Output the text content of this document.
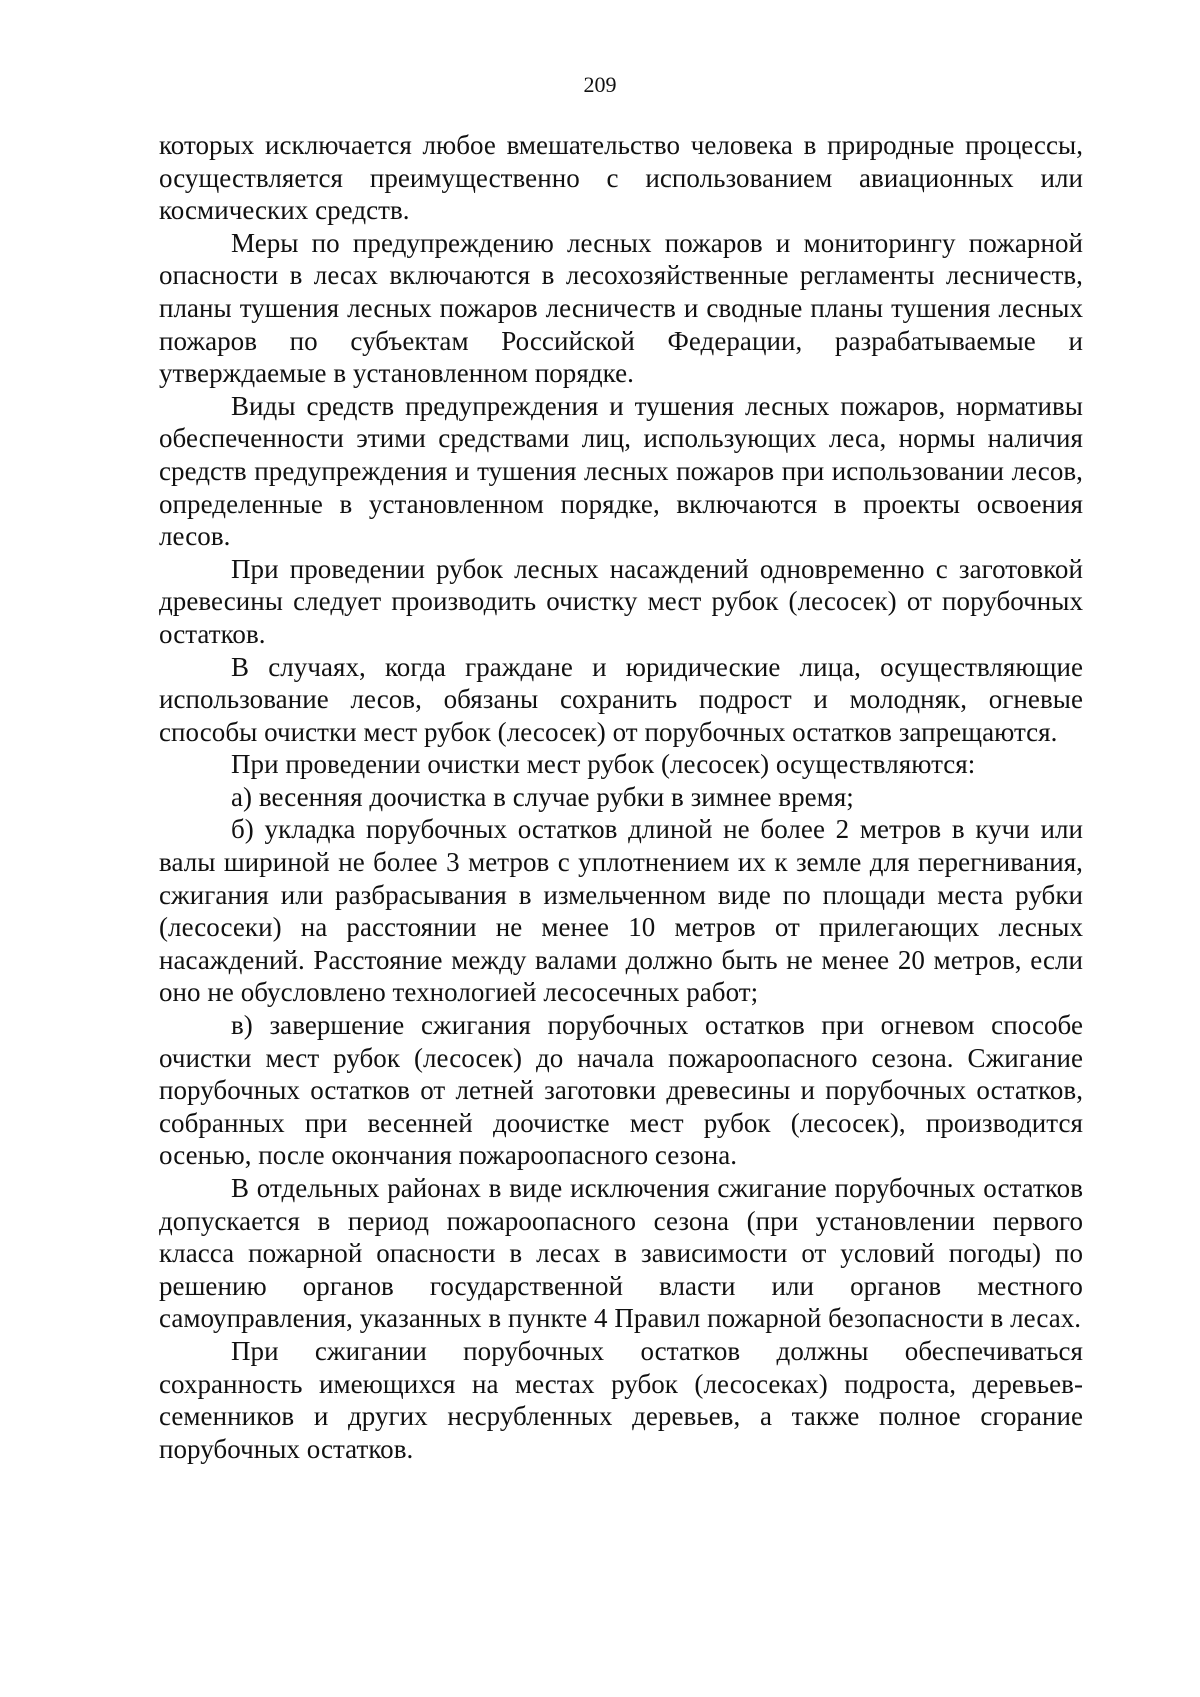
209

которых исключается любое вмешательство человека в природные процессы, осуществляется преимущественно с использованием авиационных или космических средств.

Меры по предупреждению лесных пожаров и мониторингу пожарной опасности в лесах включаются в лесохозяйственные регламенты лесничеств, планы тушения лесных пожаров лесничеств и сводные планы тушения лесных пожаров по субъектам Российской Федерации, разрабатываемые и утверждаемые в установленном порядке.

Виды средств предупреждения и тушения лесных пожаров, нормативы обеспеченности этими средствами лиц, использующих леса, нормы наличия средств предупреждения и тушения лесных пожаров при использовании лесов, определенные в установленном порядке, включаются в проекты освоения лесов.

При проведении рубок лесных насаждений одновременно с заготовкой древесины следует производить очистку мест рубок (лесосек) от порубочных остатков.

В случаях, когда граждане и юридические лица, осуществляющие использование лесов, обязаны сохранить подрост и молодняк, огневые способы очистки мест рубок (лесосек) от порубочных остатков запрещаются.

При проведении очистки мест рубок (лесосек) осуществляются:

а) весенняя доочистка в случае рубки в зимнее время;

б) укладка порубочных остатков длиной не более 2 метров в кучи или валы шириной не более 3 метров с уплотнением их к земле для перегнивания, сжигания или разбрасывания в измельченном виде по площади места рубки (лесосеки) на расстоянии не менее 10 метров от прилегающих лесных насаждений. Расстояние между валами должно быть не менее 20 метров, если оно не обусловлено технологией лесосечных работ;

в) завершение сжигания порубочных остатков при огневом способе очистки мест рубок (лесосек) до начала пожароопасного сезона. Сжигание порубочных остатков от летней заготовки древесины и порубочных остатков, собранных при весенней доочистке мест рубок (лесосек), производится осенью, после окончания пожароопасного сезона.

В отдельных районах в виде исключения сжигание порубочных остатков допускается в период пожароопасного сезона (при установлении первого класса пожарной опасности в лесах в зависимости от условий погоды) по решению органов государственной власти или органов местного самоуправления, указанных в пункте 4 Правил пожарной безопасности в лесах.

При сжигании порубочных остатков должны обеспечиваться сохранность имеющихся на местах рубок (лесосеках) подроста, деревьев-семенников и других несрубленных деревьев, а также полное сгорание порубочных остатков.
